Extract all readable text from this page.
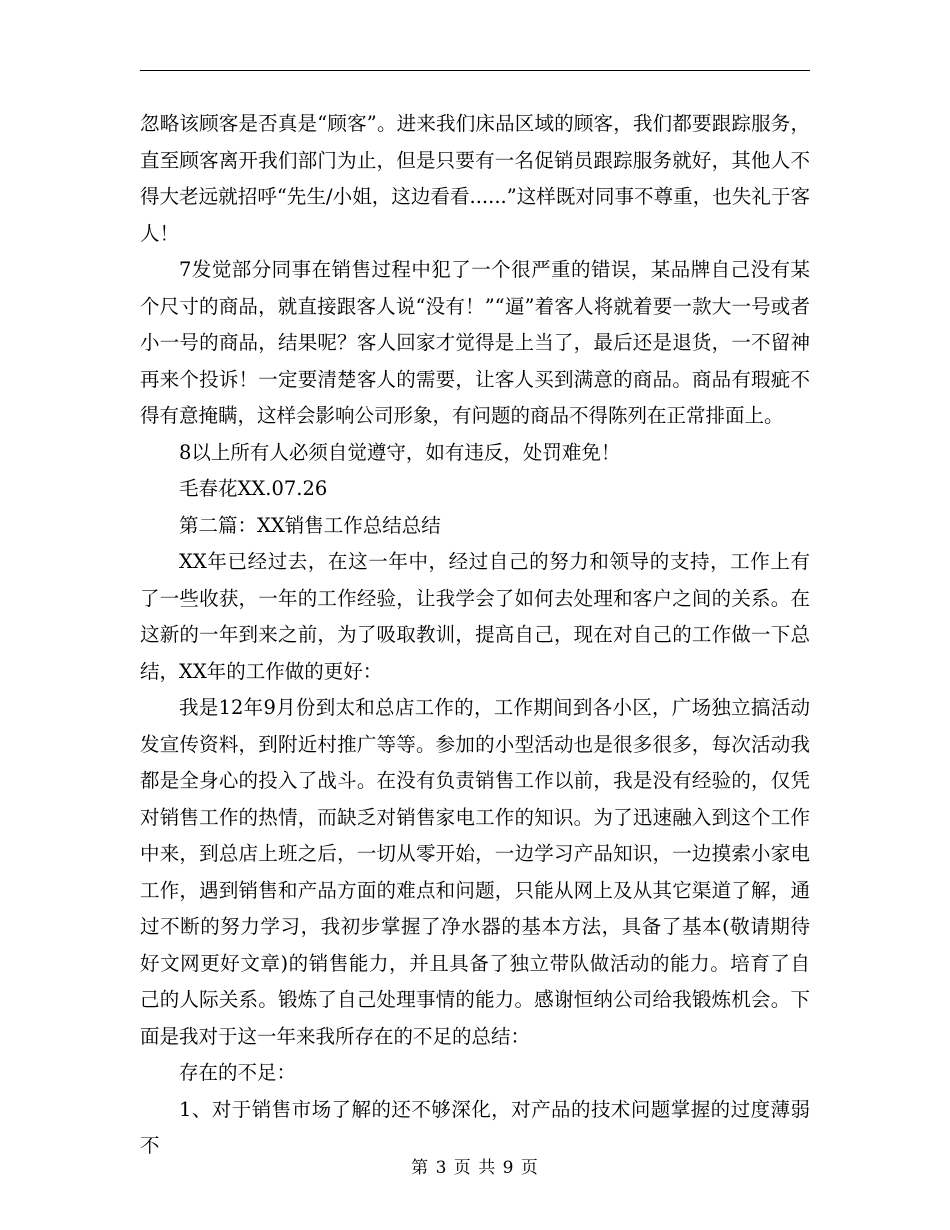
忽略该顾客是否真是“顾客”。进来我们床品区域的顾客，我们都要跟踪服务，直至顾客离开我们部门为止，但是只要有一名促销员跟踪服务就好，其他人不得大老远就招呼“先生/小姐，这边看看......”这样既对同事不尊重，也失礼于客人！

7发觉部分同事在销售过程中犯了一个很严重的错误，某品牌自己没有某个尺寸的商品，就直接跟客人说“没有！”“逼”着客人将就着要一款大一号或者小一号的商品，结果呢？客人回家才觉得是上当了，最后还是退货，一不留神再来个投诉！一定要清楚客人的需要，让客人买到满意的商品。商品有瑕疵不得有意掩瞒，这样会影响公司形象，有问题的商品不得陈列在正常排面上。

8以上所有人必须自觉遵守，如有违反，处罚难免！

毛春花XX.07.26

第二篇：XX销售工作总结总结

XX年已经过去，在这一年中，经过自己的努力和领导的支持，工作上有了一些收获，一年的工作经验，让我学会了如何去处理和客户之间的关系。在这新的一年到来之前，为了吸取教训，提高自己，现在对自己的工作做一下总结，XX年的工作做的更好：

我是12年9月份到太和总店工作的，工作期间到各小区，广场独立搞活动发宣传资料，到附近村推广等等。参加的小型活动也是很多很多，每次活动我都是全身心的投入了战斗。在没有负责销售工作以前，我是没有经验的，仅凭对销售工作的热情，而缺乏对销售家电工作的知识。为了迅速融入到这个工作中来，到总店上班之后，一切从零开始，一边学习产品知识，一边摸索小家电工作，遇到销售和产品方面的难点和问题，只能从网上及从其它渠道了解，通过不断的努力学习，我初步掌握了净水器的基本方法，具备了基本(敬请期待好文网更好文章)的销售能力，并且具备了独立带队做活动的能力。培育了自己的人际关系。锻炼了自己处理事情的能力。感谢恒纳公司给我锻炼机会。下面是我对于这一年来我所存在的不足的总结：

存在的不足：

1、对于销售市场了解的还不够深化，对产品的技术问题掌握的过度薄弱不

第 3 页 共 9 页
